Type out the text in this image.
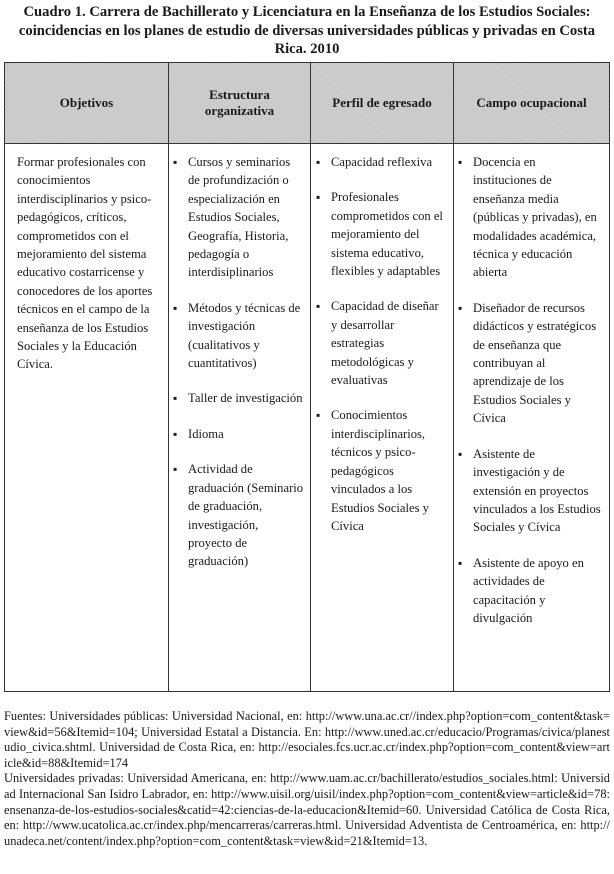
Cuadro 1. Carrera de Bachillerato y Licenciatura en la Enseñanza de los Estudios Sociales: coincidencias en los planes de estudio de diversas universidades públicas y privadas en Costa Rica. 2010
Objetivos
Estructura organizativa
Perfil de egresado	Campo ocupacional

Formar profesionales con conocimientos interdisciplinarios y psico-pedagógicos, críticos, comprometidos con el mejoramiento del sistema educativo costarricense y conocedores de los aportes técnicos en el campo de la enseñanza de los Estudios Sociales y la Educación Cívica.

▪ Cursos y seminarios de profundización o especialización en Estudios Sociales, Geografía, Historia, pedagogía o interdisiplinarios
▪ Métodos y técnicas de investigación (cualitativos y cuantitativos)
▪ Taller de investigación
▪ Idioma
▪ Actividad de graduación (Seminario de graduación, investigación, proyecto de graduación)
▪ Capacidad reflexiva
▪ Profesionales comprometidos con el mejoramiento del sistema educativo, flexibles y adaptables
▪ Capacidad de diseñar y desarrollar estrategias metodológicas y evaluativas
▪ Conocimientos interdisciplinarios, técnicos y psico-pedagógicos vinculados a los Estudios Sociales y Cívica
▪ Docencia en instituciones de enseñanza media (públicas y privadas), en modalidades académica, técnica y educación abierta
▪ Diseñador de recursos didácticos y estratégicos de enseñanza que contribuyan al aprendizaje de los Estudios Sociales y Cívica
▪ Asistente de investigación y de extensión en proyectos vinculados a los Estudios Sociales y Cívica
▪ Asistente de apoyo en actividades de capacitación y divulgación

Fuentes: Universidades públicas: Universidad Nacional, en: http://www.una.ac.cr//index.php?option=com_content&task=view&id=56&Itemid=104; Universidad Estatal a Distancia. En: http://www.uned.ac.cr/educacio/Programas/civica/planestudio_civica.shtml. Universidad de Costa Rica, en: http://esociales.fcs.ucr.ac.cr/index.php?option=com_content&view=article&id=88&Itemid=174

Universidades privadas: Universidad Americana, en: http://www.uam.ac.cr/bachillerato/estudios_sociales.html: Universidad Internacional San Isidro Labrador, en: http://www.uisil.org/uisil/index.php?option=com_content&view=article&id=78:ensenanza-de-los-estudios-sociales&catid=42:ciencias-de-la-educacion&Itemid=60. Universidad Católica de Costa Rica, en: http://www.ucatolica.ac.cr/index.php/mencarreras/carreras.html. Universidad Adventista de Centroamérica, en: http://unadeca.net/content/index.php?option=com_content&task=view&id=21&Itemid=13.
